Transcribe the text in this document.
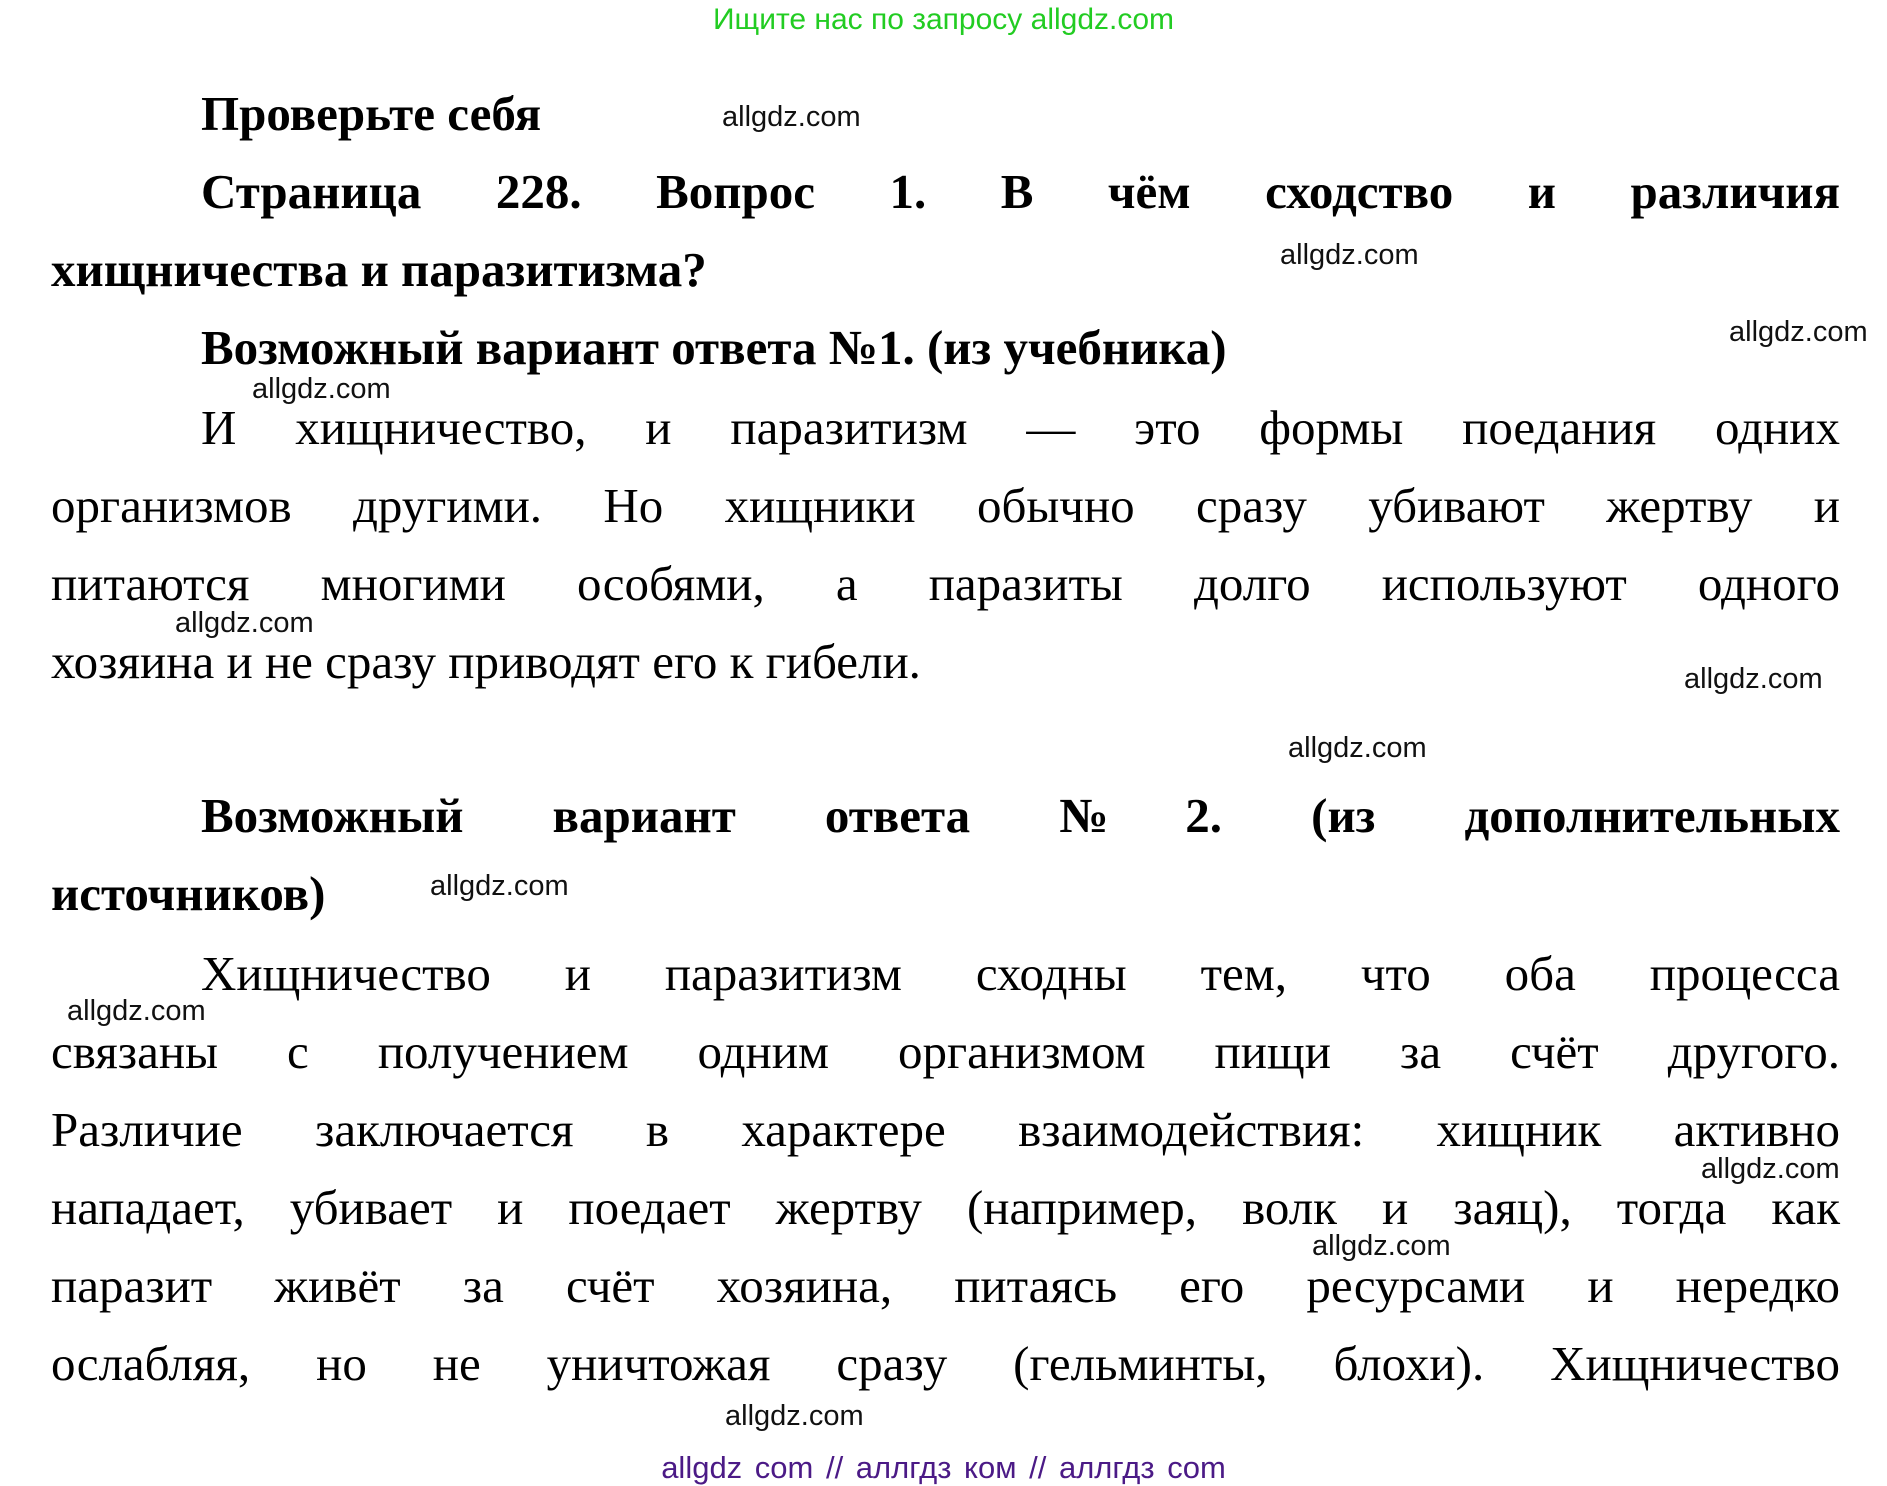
Ищите нас по запросу allgdz.com
Проверьте себя	allgdz.com
Страница 228. Вопрос 1. В чём сходство и различия
allgdz.com
хищничества и паразитизма?
allgdz.com
Возможный вариант ответа №1. (из учебника)
allgdz.com
И хищничество, и паразитизм — это формы поедания одних
организмов другими. Но хищники обычно сразу убивают жертву и
питаются многими особями, а паразиты долго используют одного
allgdz.com
хозяина и не сразу приводят его к гибели.	allgdz.com
allgdz.com
Возможный вариант ответа №2. (из дополнительных
источников)	allgdz.com
Хищничество и паразитизм сходны тем, что оба процесса
allgdz.com
связаны с получением одним организмом пищи за счёт другого.
Различие заключается в характере взаимодействия: хищник активно
allgdz.com
нападает, убивает и поедает жертву (например, волк и заяц), тогда как
allgdz.com
паразит живёт за счёт хозяина, питаясь его ресурсами и нередко
ослабляя, но не уничтожая сразу (гельминты, блохи). Хищничество
allgdz.com
allgdz com // аллгдз ком // аллгдз com
